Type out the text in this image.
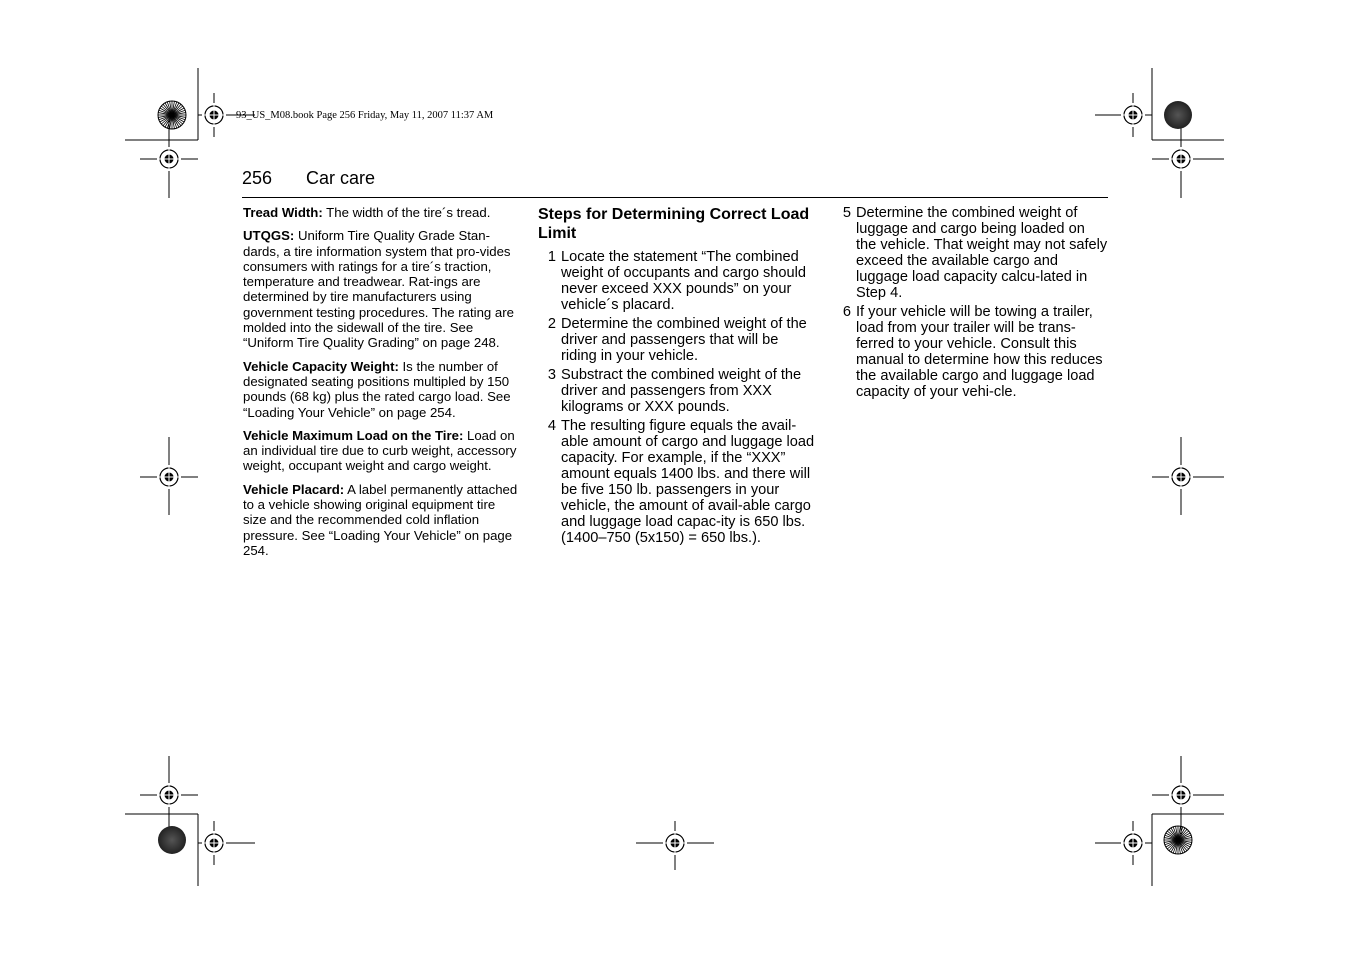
93_US_M08.book Page 256 Friday, May 11, 2007 11:37 AM
256 Car care

Tread Width: The width of the tire´s tread.

UTQGS: Uniform Tire Quality Grade Stan-dards, a tire information system that pro-vides consumers with ratings for a tire´s traction, temperature and treadwear. Rat-ings are determined by tire manufacturers using government testing procedures. The rating are molded into the sidewall of the tire. See “Uniform Tire Quality Grading” on page 248.

Vehicle Capacity Weight: Is the number of designated seating positions multipled by 150 pounds (68 kg) plus the rated cargo load. See “Loading Your Vehicle” on page 254.

Vehicle Maximum Load on the Tire: Load on an individual tire due to curb weight, accessory weight, occupant weight and cargo weight.

Vehicle Placard: A label permanently attached to a vehicle showing original equipment tire size and the recommended cold inflation pressure. See “Loading Your Vehicle” on page 254.

Steps for Determining Correct Load Limit
1 Locate the statement “The combined weight of occupants and cargo should never exceed XXX pounds” on your vehicle´s placard.
2 Determine the combined weight of the driver and passengers that will be riding in your vehicle.
3 Substract the combined weight of the driver and passengers from XXX kilograms or XXX pounds.
4 The resulting figure equals the avail-able amount of cargo and luggage load capacity. For example, if the “XXX” amount equals 1400 lbs. and there will be five 150 lb. passengers in your vehicle, the amount of avail-able cargo and luggage load capac-ity is 650 lbs. (1400–750 (5x150) = 650 lbs.).
5 Determine the combined weight of luggage and cargo being loaded on the vehicle. That weight may not safely exceed the available cargo and luggage load capacity calcu-lated in Step 4.
6 If your vehicle will be towing a trailer, load from your trailer will be trans-ferred to your vehicle. Consult this manual to determine how this reduces the available cargo and luggage load capacity of your vehi-cle.
